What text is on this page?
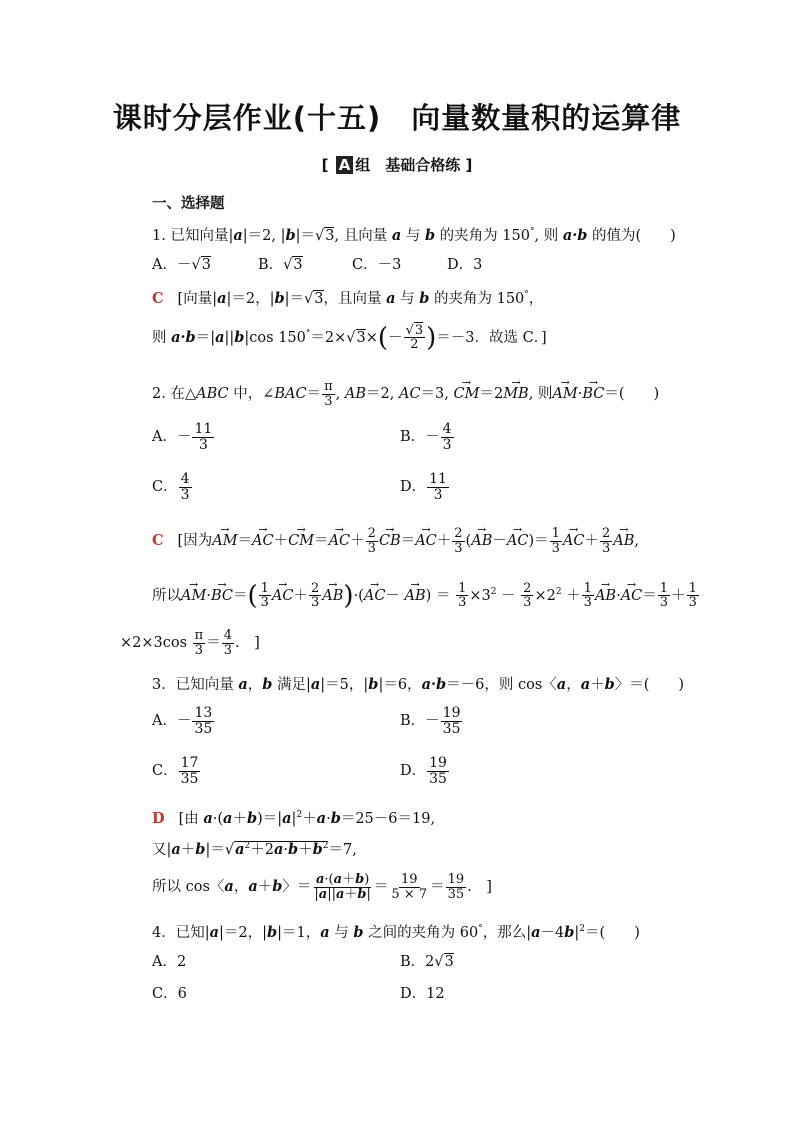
课时分层作业(十五)　向量数量积的运算律
[ A 组　基础合格练 ]
一、选择题
1. 已知向量|a|＝2, |b|＝√3, 且向量 a 与 b 的夹角为 150°, 则 a·b 的值为(　　)
A．－√3	B．√3	C．－3	D．3
C [向量|a|＝2，|b|＝√3，且向量 a 与 b 的夹角为 150°，
则 a·b＝|a||b|cos $150^\circ=2\times√3\times(- \frac{√3}{2} )=-3$．故选 C．]
2. 在△ABC 中，∠BAC＝ $\frac{\pi}{3}$ , AB＝2, AC＝3, → CM＝2→ MB, 则→ AM·→ BC＝(　　)
A．－ $\frac{11}{3}$	B．－ $\frac{4}{3}$
C． $\frac{4}{3}$	D． $\frac{11}{3}$
C [因为→ $AM=\to AC+\to CM=\to AC+ \frac{2}{3}$
→ $CB=\to AC+ \frac{2}{3}$ (→ $AB-\to AC)= \frac{1}{3}$
→ $AC+ \frac{2}{3}$
→ AB,
所以→ $AM\cdot\to BC=( \frac{1}{3}$
→ $AC+ \frac{2}{3}$
→ $AB)\cdot(\to AC- \to AB) = \frac{1}{3} \times 3^2 - \frac{2}{3} \times 2^2 + \frac{1}{3}$
→ $AB\cdot\to AC= \frac{1}{3} + \frac{1}{3}$
$\times 2\times 3\cos \frac{\pi}{3} = \frac{4}{3}$ .　]
3．已知向量 a，b 满足|a|＝5，|b|＝6，a·b＝－6，则 cos〈a，a＋b〉＝(　　)
A．－ $\frac{13}{35}$	B．－ $\frac{19}{35}$
C． $\frac{17}{35}$	D． $\frac{19}{35}$
D [由 $a\cdot(a+b)=|a|^2+a\cdot b=25-6=19$,
又$|a+b|=√a^2+2a\cdot b+b^2=7$,
所以 cos〈a，a＋b〉＝ $\frac{a\cdot(a+b)}{|a||a+b|} = \frac{19}{5 \times 7} = \frac{19}{35}$ .　]
4．已知|a|＝2，|b|＝1，a 与 b 之间的夹角为 60°，那么$|a-4b|^2=$(　　)
A．2	B．2√3
C．6	D．12
